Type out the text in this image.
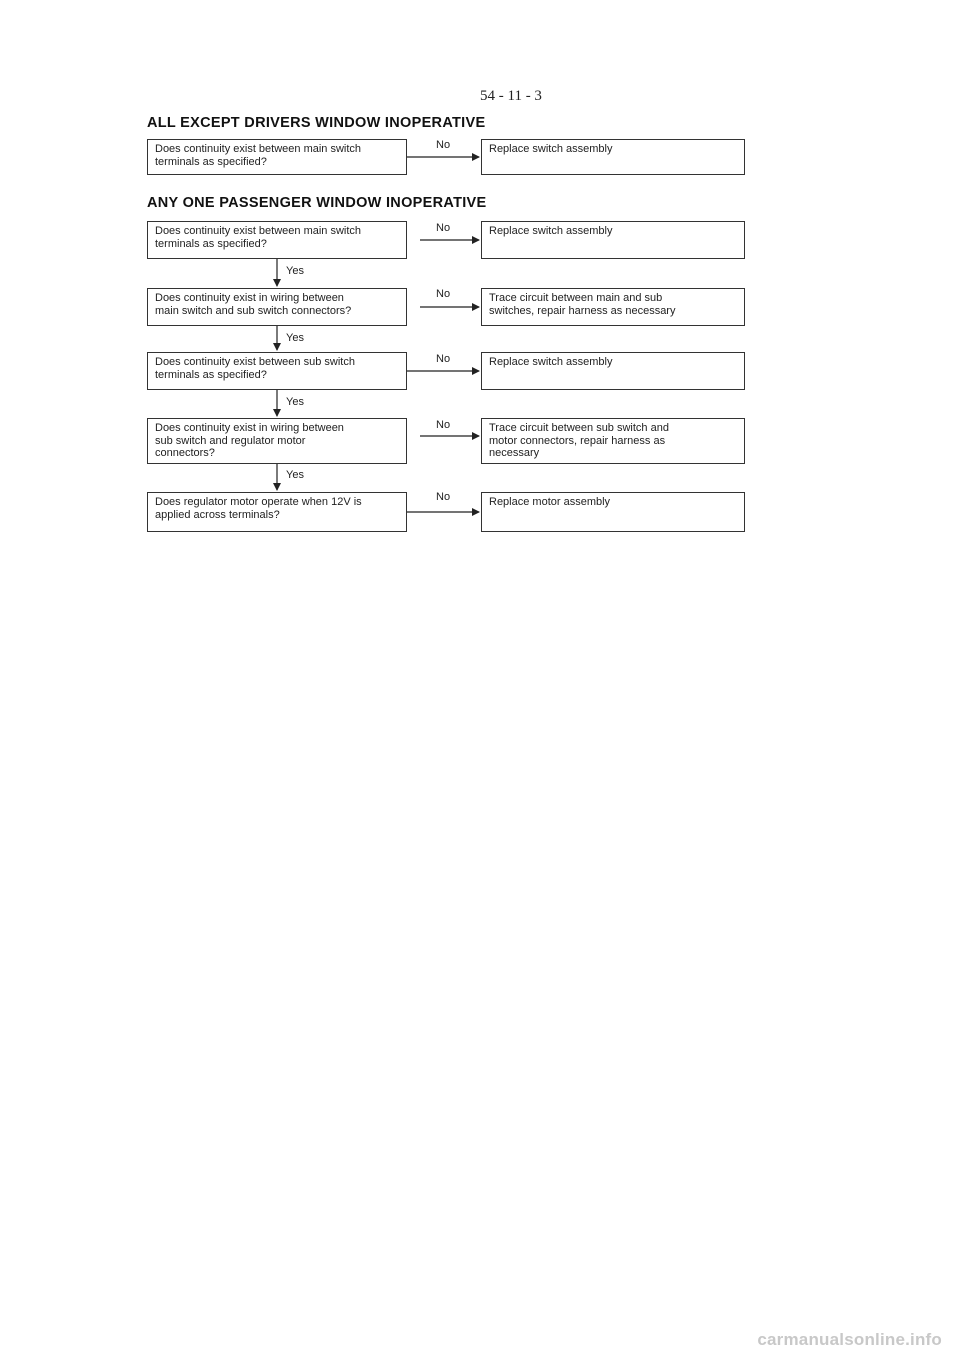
54 - 11 - 3
ALL EXCEPT DRIVERS WINDOW INOPERATIVE
Does continuity exist between main switch
terminals as specified?
Replace switch assembly
No
ANY ONE PASSENGER WINDOW INOPERATIVE
Does continuity exist between main switch
terminals as specified?
Replace switch assembly
No
Yes
Does continuity exist in wiring between
main switch and sub switch connectors?
Trace circuit between main and sub
switches, repair harness as necessary
No
Yes
Does continuity exist between sub switch
terminals as specified?
Replace switch assembly
No
Yes
Does continuity exist in wiring between
sub switch and regulator motor
connectors?
Trace circuit between sub switch and
motor connectors, repair harness as
necessary
No
Yes
Does regulator motor operate when 12V is
applied across terminals?
Replace motor assembly
No
carmanualsonline.info
